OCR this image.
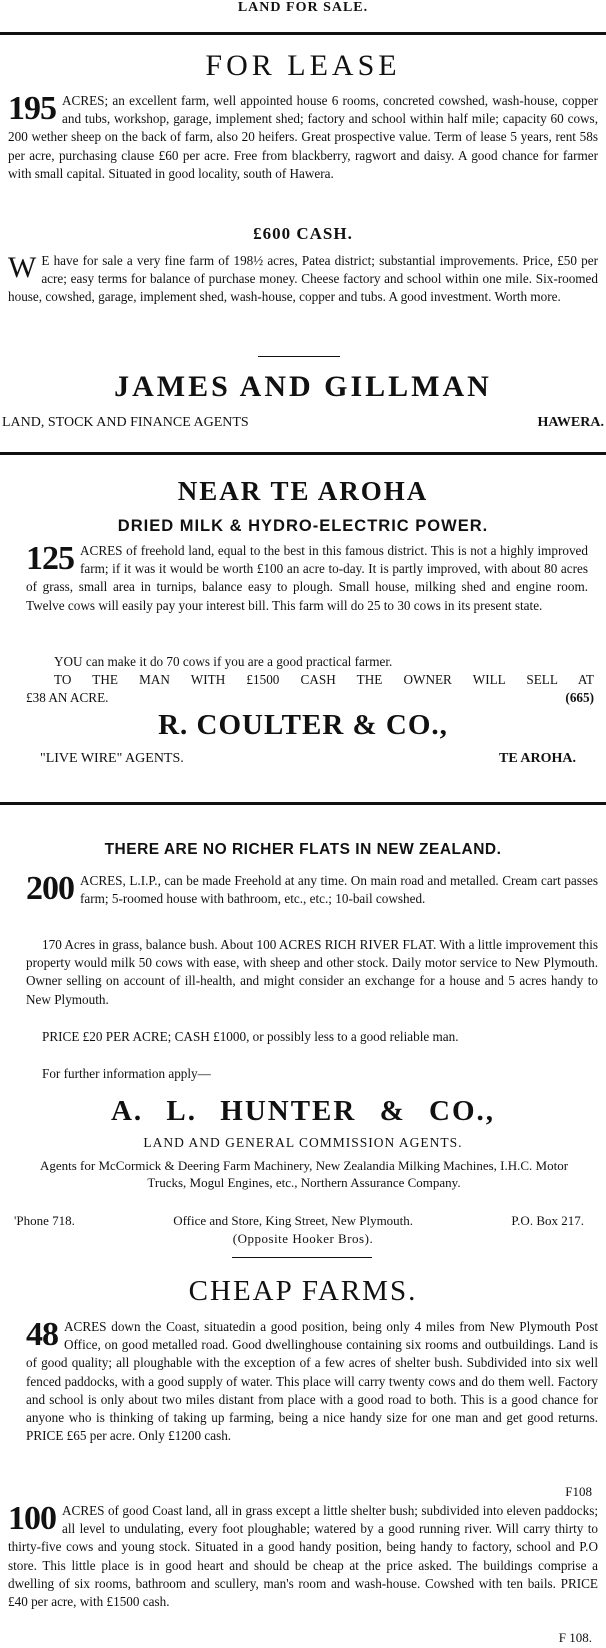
LAND FOR SALE.
FOR LEASE
195 ACRES; an excellent farm, well appointed house 6 rooms, concreted cowshed, wash-house, copper and tubs, workshop, garage, implement shed; factory and school within half mile; capacity 60 cows, 200 wether sheep on the back of farm, also 20 heifers. Great prospective value. Term of lease 5 years, rent 58s per acre, purchasing clause £60 per acre. Free from blackberry, ragwort and daisy. A good chance for farmer with small capital. Situated in good locality, south of Hawera.
£600 CASH.
W E have for sale a very fine farm of 198½ acres, Patea district; substantial improvements. Price, £50 per acre; easy terms for balance of purchase money. Cheese factory and school within one mile. Six-roomed house, cowshed, garage, implement shed, wash-house, copper and tubs. A good investment. Worth more.
JAMES AND GILLMAN
LAND, STOCK AND FINANCE AGENTS	HAWERA.
NEAR TE AROHA
DRIED MILK & HYDRO-ELECTRIC POWER.
125 ACRES of freehold land, equal to the best in this famous district. This is not a highly improved farm; if it was it would be worth £100 an acre to-day. It is partly improved, with about 80 acres of grass, small area in turnips, balance easy to plough. Small house, milking shed and engine room. Twelve cows will easily pay your interest bill. This farm will do 25 to 30 cows in its present state.
YOU can make it do 70 cows if you are a good practical farmer.
TO THE MAN WITH £1500 CASH THE OWNER WILL SELL AT
£38 AN ACRE.	(665)
R. COULTER & CO.,
"LIVE WIRE" AGENTS.	TE AROHA.
THERE ARE NO RICHER FLATS IN NEW ZEALAND.
200 ACRES, L.I.P., can be made Freehold at any time. On main road and metalled. Cream cart passes farm; 5-roomed house with bathroom, etc., etc.; 10-bail cowshed.
170 Acres in grass, balance bush. About 100 ACRES RICH RIVER FLAT. With a little improvement this property would milk 50 cows with ease, with sheep and other stock. Daily motor service to New Plymouth. Owner selling on account of ill-health, and might consider an exchange for a house and 5 acres handy to New Plymouth.
PRICE £20 PER ACRE; CASH £1000, or possibly less to a good reliable man.
For further information apply—
A. L. HUNTER & CO.,
LAND AND GENERAL COMMISSION AGENTS.
Agents for McCormick & Deering Farm Machinery, New Zealandia Milking Machines, I.H.C. Motor Trucks, Mogul Engines, etc., Northern Assurance Company.
'Phone 718.	Office and Store, King Street, New Plymouth.	P.O. Box 217.
(Opposite Hooker Bros).
CHEAP FARMS.
48 ACRES down the Coast, situatedin a good position, being only 4 miles from New Plymouth Post Office, on good metalled road. Good dwellinghouse containing six rooms and outbuildings. Land is of good quality; all ploughable with the exception of a few acres of shelter bush. Subdivided into six well fenced paddocks, with a good supply of water. This place will carry twenty cows and do them well. Factory and school is only about two miles distant from place with a good road to both. This is a good chance for anyone who is thinking of taking up farming, being a nice handy size for one man and get good returns. PRICE £65 per acre. Only £1200 cash.
F108
100 ACRES of good Coast land, all in grass except a little shelter bush; subdivided into eleven paddocks; all level to undulating, every foot ploughable; watered by a good running river. Will carry thirty to thirty-five cows and young stock. Situated in a good handy position, being handy to factory, school and P.O store. This little place is in good heart and should be cheap at the price asked. The buildings comprise a dwelling of six rooms, bathroom and scullery, man's room and wash-house. Cowshed with ten bails. PRICE £40 per acre, with £1500 cash.
F 108.
